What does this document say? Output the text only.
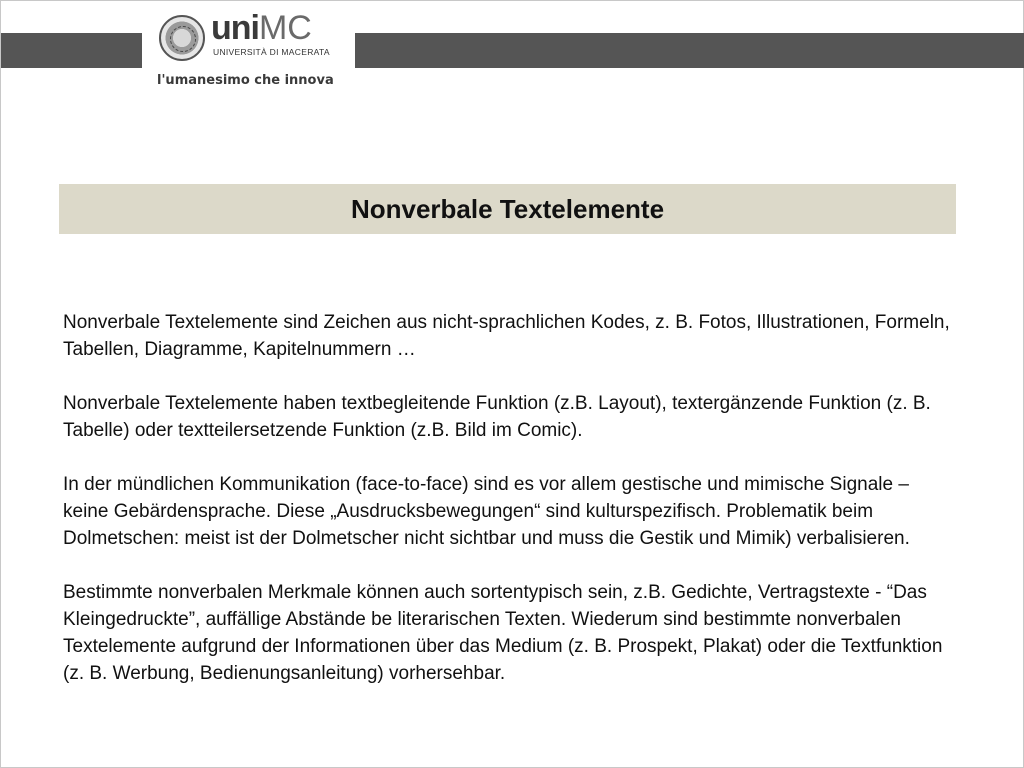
uniMC
UNIVERSITÀ DI MACERATA
l'umanesimo che innova
Nonverbale Textelemente

Nonverbale Textelemente sind Zeichen aus nicht-sprachlichen Kodes, z. B. Fotos, Illustrationen, Formeln, Tabellen, Diagramme, Kapitelnummern …

Nonverbale Textelemente haben textbegleitende Funktion (z.B. Layout), textergänzende Funktion (z. B. Tabelle) oder textteilersetzende Funktion (z.B. Bild im Comic).

In der mündlichen Kommunikation (face-to-face) sind es vor allem gestische und mimische Signale – keine Gebärdensprache. Diese „Ausdrucksbewegungen“ sind kulturspezifisch. Problematik beim Dolmetschen: meist ist der Dolmetscher nicht sichtbar und muss die Gestik und Mimik) verbalisieren.

Bestimmte nonverbalen Merkmale können auch sortentypisch sein, z.B. Gedichte, Vertragstexte - “Das Kleingedruckte”, auffällige Abstände be literarischen Texten. Wiederum sind bestimmte nonverbalen Textelemente aufgrund der Informationen über das Medium (z. B. Prospekt, Plakat) oder die Textfunktion (z. B. Werbung, Bedienungsanleitung) vorhersehbar.
